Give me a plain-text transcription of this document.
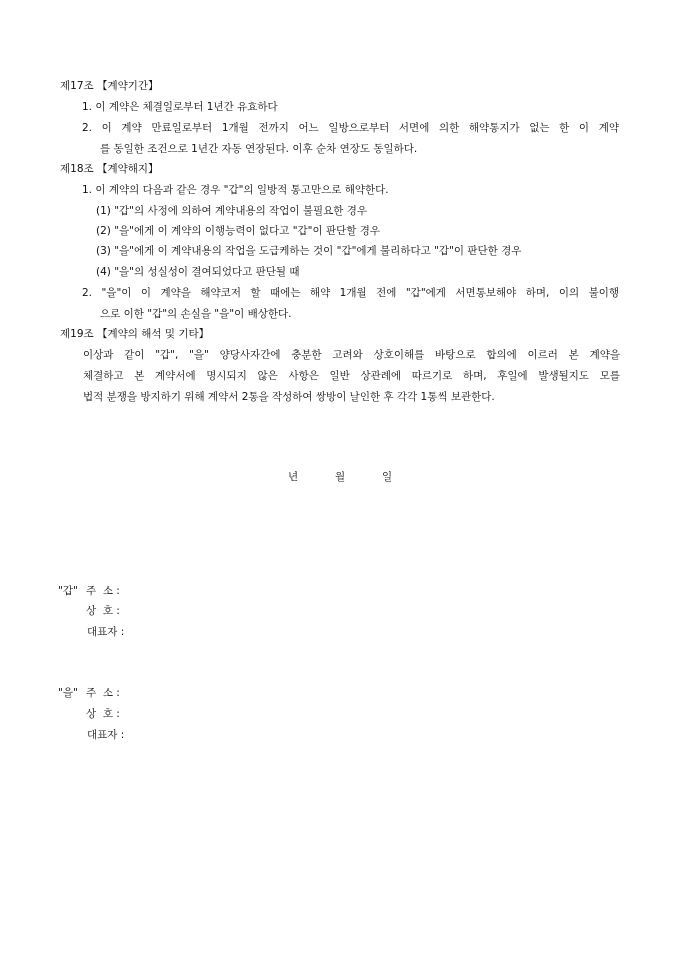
제17조 【계약기간】
1. 이 계약은 체결일로부터 1년간 유효하다
2. 이 계약 만료일로부터 1개월 전까지 어느 일방으로부터 서면에 의한 해약통지가 없는 한 이 계약
를 동일한 조건으로 1년간 자동 연장된다. 이후 순차 연장도 동일하다.
제18조 【계약해지】
1. 이 계약의 다음과 같은 경우 "갑"의 일방적 통고만으로 해약한다.
(1) "갑"의 사정에 의하여 계약내용의 작업이 불필요한 경우
(2) "을"에게 이 계약의 이행능력이 없다고 "갑"이 판단할 경우
(3) "을"에게 이 계약내용의 작업을 도급케하는 것이 "갑"에게 불리하다고 "갑"이 판단한 경우
(4) "을"의 성실성이 결여되었다고 판단될 때
2. "을"이 이 계약을 해약코저 할 때에는 해약 1개월 전에 "갑"에게 서면통보해야 하며, 이의 불이행
으로 이한 "갑"의 손실을 "을"이 배상한다.
제19조 【계약의 해석 및 기타】
이상과 같이 "갑", "을" 양당사자간에 충분한 고려와 상호이해를 바탕으로 합의에 이르러 본 계약을
체결하고 본 계약서에 명시되지 않은 사항은 일반 상관례에 따르기로 하며, 후일에 발생될지도 모를
법적 분쟁을 방지하기 위해 계약서 2통을 작성하여 쌍방이 날인한 후 각각 1통씩 보관한다.
년	월	일
"갑" 주  소 :
상  호 :
대표자 :
"을" 주  소 :
상  호 :
대표자 :
